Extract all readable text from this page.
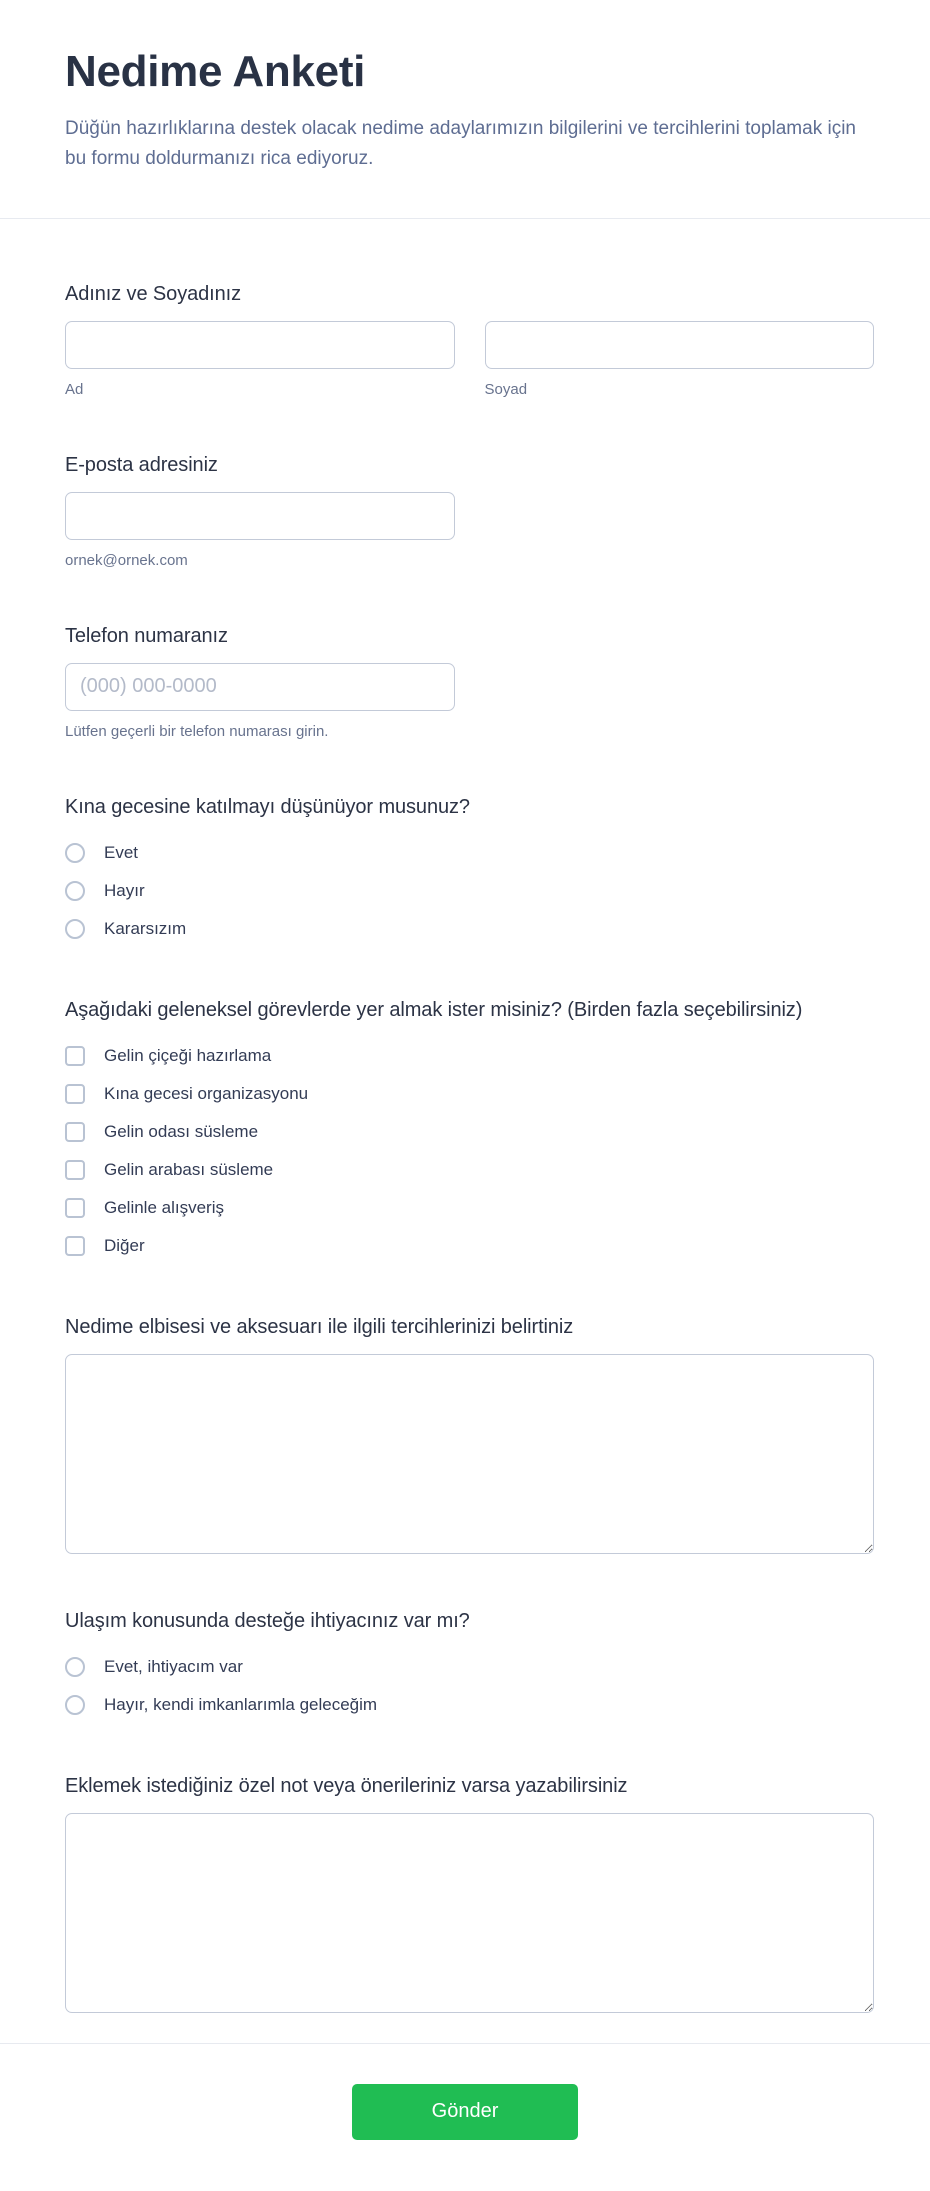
Nedime Anketi

Düğün hazırlıklarına destek olacak nedime adaylarımızın bilgilerini ve tercihlerini toplamak için bu formu doldurmanızı rica ediyoruz.

Adınız ve Soyadınız
Ad	Soyad
E-posta adresiniz
ornek@ornek.com
Telefon numaranız
(000) 000-0000
Lütfen geçerli bir telefon numarası girin.
Kına gecesine katılmayı düşünüyor musunuz?
Evet
Hayır
Kararsızım
Aşağıdaki geleneksel görevlerde yer almak ister misiniz? (Birden fazla seçebilirsiniz)
Gelin çiçeği hazırlama
Kına gecesi organizasyonu
Gelin odası süsleme
Gelin arabası süsleme
Gelinle alışveriş
Diğer
Nedime elbisesi ve aksesuarı ile ilgili tercihlerinizi belirtiniz
Ulaşım konusunda desteğe ihtiyacınız var mı?
Evet, ihtiyacım var
Hayır, kendi imkanlarımla geleceğim
Eklemek istediğiniz özel not veya önerileriniz varsa yazabilirsiniz
Gönder
